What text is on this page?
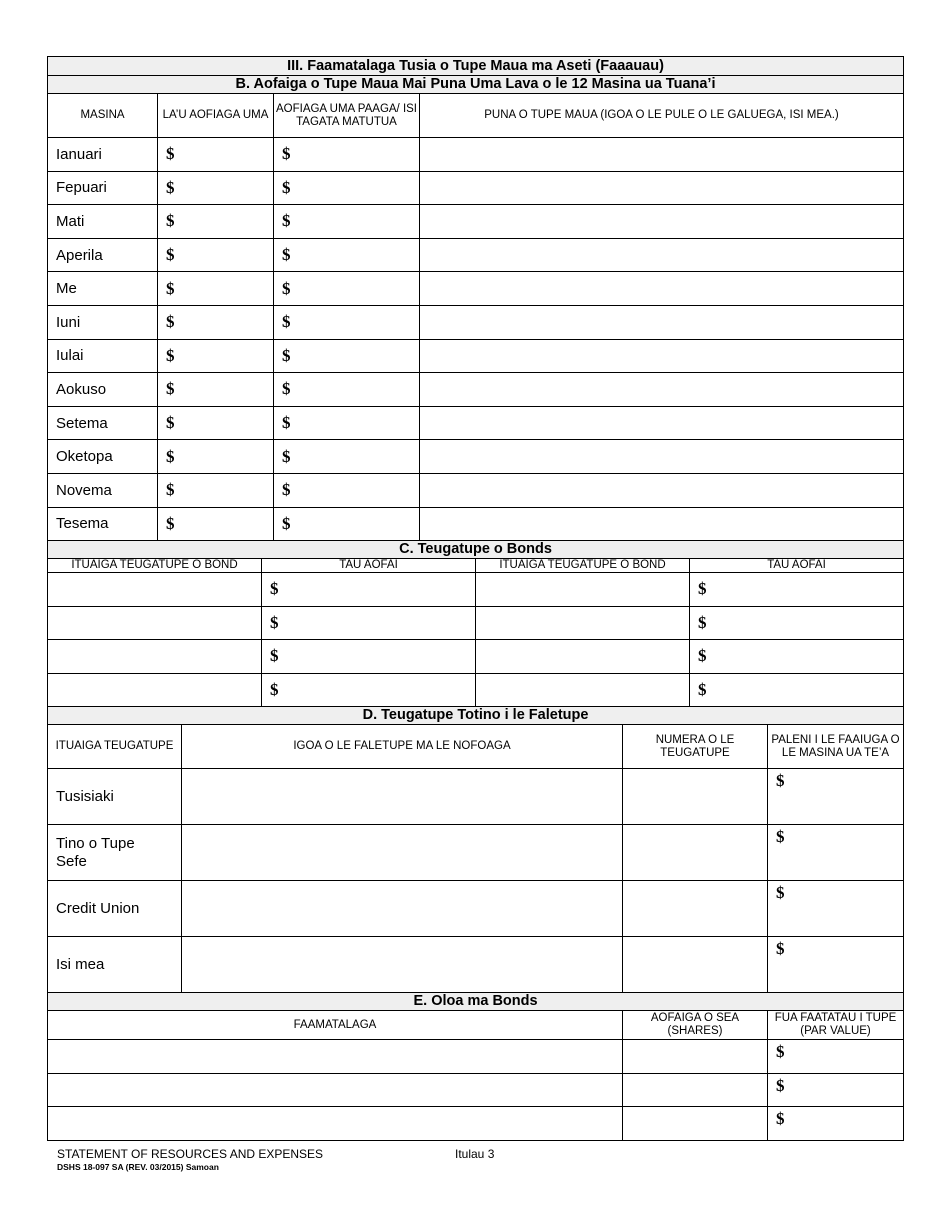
III. Faamatalaga Tusia o Tupe Maua ma Aseti (Faaauau)			
B. Aofaiga o Tupe Maua Mai Puna Uma Lava o le 12 Masina ua Tuana’i			
MASINA	LA’U AOFIAGA UMA	AOFIAGA UMA PAAGA/ ISI TAGATA MATUTUA	PUNA O TUPE MAUA (IGOA O LE PULE O LE GALUEGA, ISI MEA.)
Ianuari	$	$	
Fepuari	$	$	
Mati	$	$	
Aperila	$	$	
Me	$	$	
Iuni	$	$	
Iulai	$	$	
Aokuso	$	$	
Setema	$	$	
Oketopa	$	$	
Novema	$	$	
Tesema	$	$	
C. Teugatupe o Bonds			
ITUAIGA TEUGATUPE O BOND	TAU AOFAI	ITUAIGA TEUGATUPE O BOND	TAU AOFAI
	$		$
	$		$
	$		$
	$		$
D. Teugatupe Totino i le Faletupe			
ITUAIGA TEUGATUPE	IGOA O LE FALETUPE MA LE NOFOAGA	NUMERA O LE TEUGATUPE	PALENI I LE FAAIUGA O LE MASINA UA TE’A
Tusisiaki			$
Tino o Tupe Sefe			$
Credit Union			$
Isi mea			$
E. Oloa ma Bonds		
FAAMATALAGA	AOFAIGA O SEA (SHARES)	FUA FAATATAU I TUPE (PAR VALUE)
		$
		$
		$
STATEMENT OF RESOURCES AND EXPENSES
DSHS 18-097 SA (REV. 03/2015) Samoan
Itulau 3
